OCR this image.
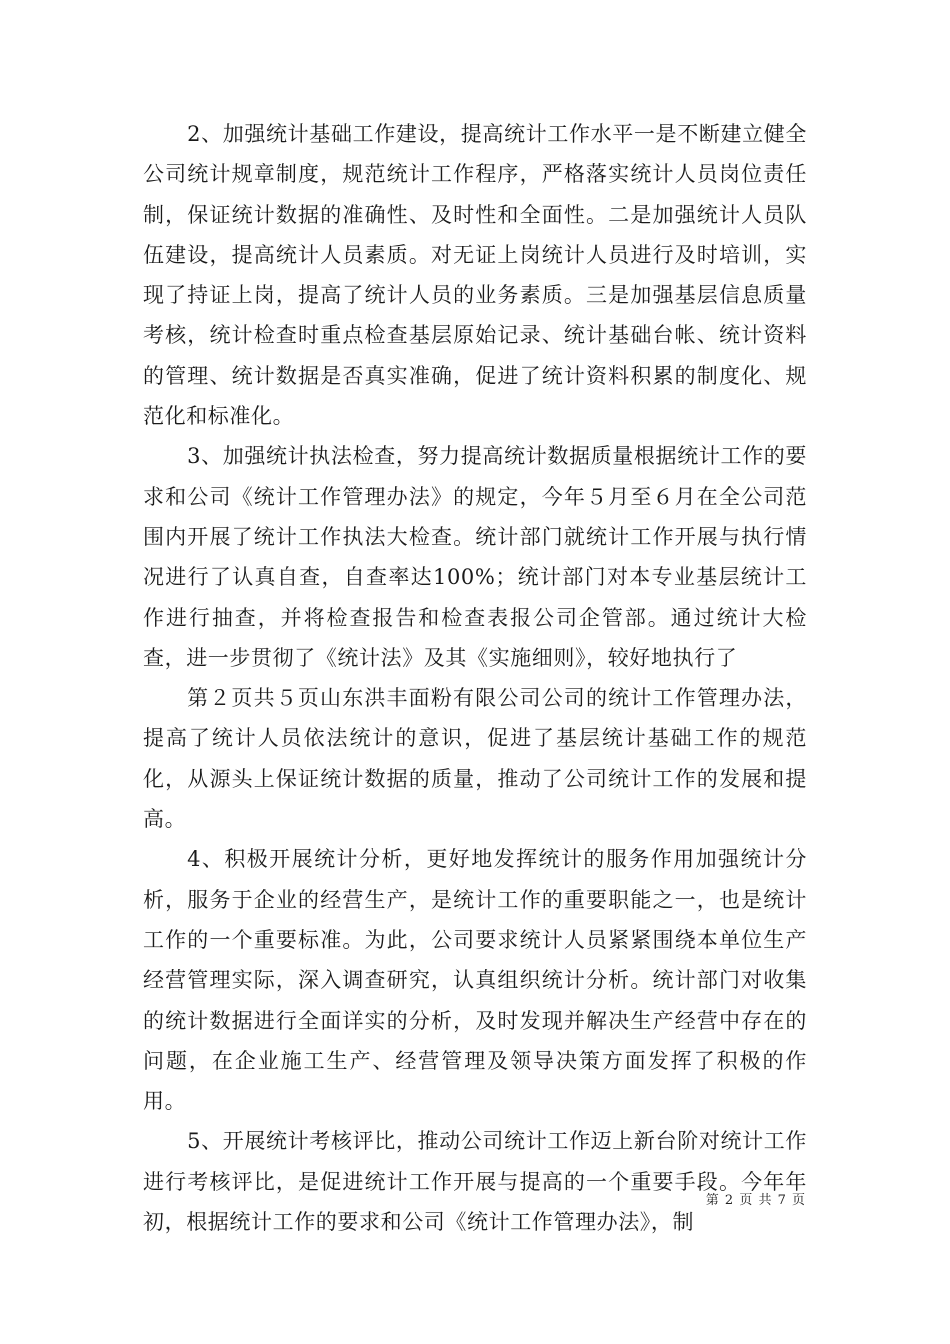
2、加强统计基础工作建设，提高统计工作水平一是不断建立健全公司统计规章制度，规范统计工作程序，严格落实统计人员岗位责任制，保证统计数据的准确性、及时性和全面性。二是加强统计人员队伍建设，提高统计人员素质。对无证上岗统计人员进行及时培训，实现了持证上岗，提高了统计人员的业务素质。三是加强基层信息质量考核，统计检查时重点检查基层原始记录、统计基础台帐、统计资料的管理、统计数据是否真实准确，促进了统计资料积累的制度化、规范化和标准化。

3、加强统计执法检查，努力提高统计数据质量根据统计工作的要求和公司《统计工作管理办法》的规定，今年５月至６月在全公司范围内开展了统计工作执法大检查。统计部门就统计工作开展与执行情况进行了认真自查，自查率达100%；统计部门对本专业基层统计工作进行抽查，并将检查报告和检查表报公司企管部。通过统计大检查，进一步贯彻了《统计法》及其《实施细则》，较好地执行了

第２页共５页山东洪丰面粉有限公司公司的统计工作管理办法，提高了统计人员依法统计的意识，促进了基层统计基础工作的规范化，从源头上保证统计数据的质量，推动了公司统计工作的发展和提高。

4、积极开展统计分析，更好地发挥统计的服务作用加强统计分析，服务于企业的经营生产，是统计工作的重要职能之一，也是统计工作的一个重要标准。为此，公司要求统计人员紧紧围绕本单位生产经营管理实际，深入调查研究，认真组织统计分析。统计部门对收集的统计数据进行全面详实的分析，及时发现并解决生产经营中存在的问题，在企业施工生产、经营管理及领导决策方面发挥了积极的作用。

5、开展统计考核评比，推动公司统计工作迈上新台阶对统计工作进行考核评比，是促进统计工作开展与提高的一个重要手段。今年年初，根据统计工作的要求和公司《统计工作管理办法》，制

第 2 页 共 7 页
